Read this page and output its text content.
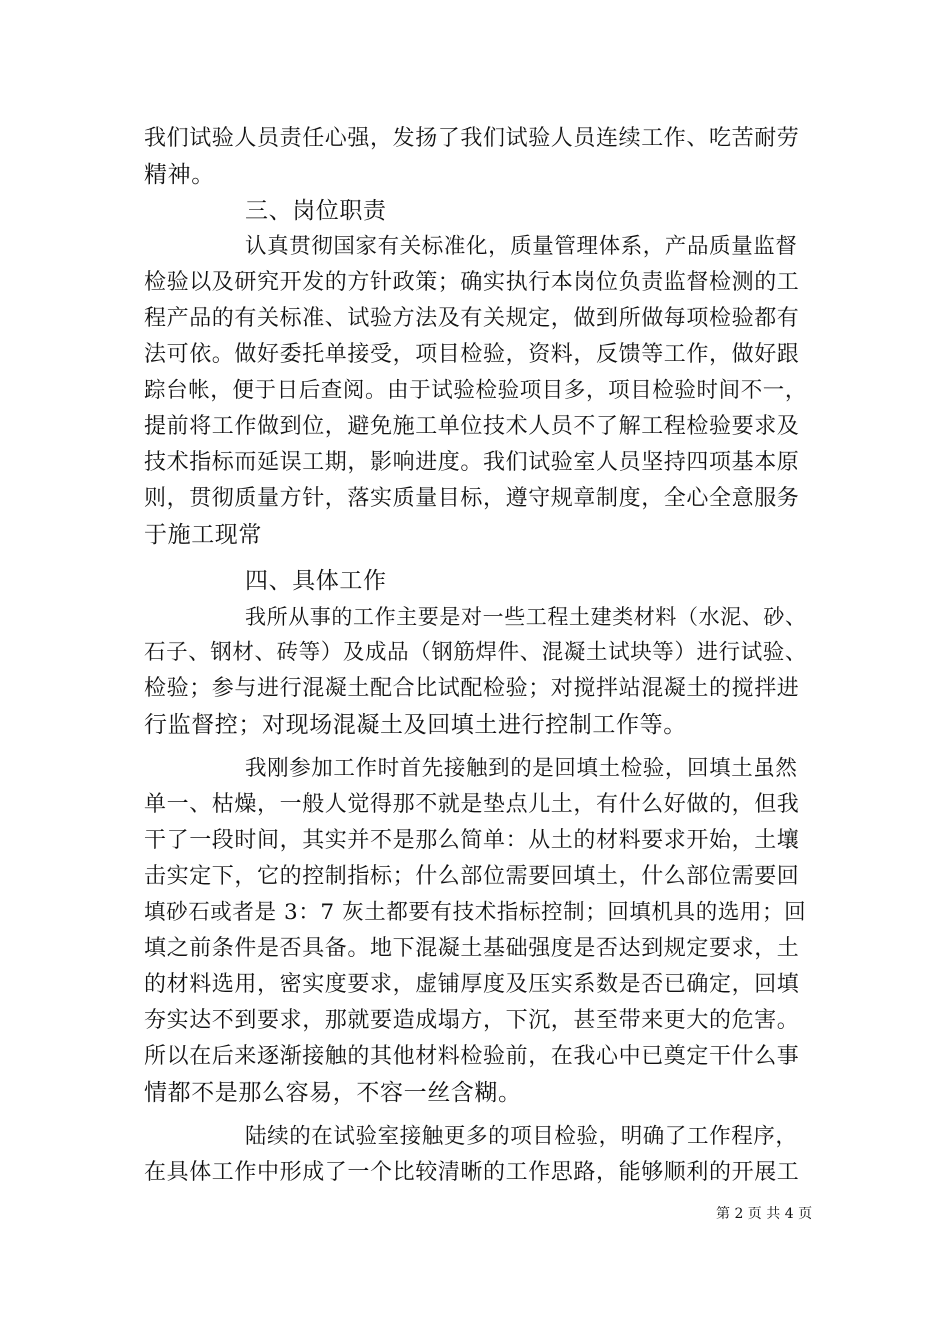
我们试验人员责任心强，发扬了我们试验人员连续工作、吃苦耐劳
精神。
三、岗位职责
认真贯彻国家有关标准化，质量管理体系，产品质量监督
检验以及研究开发的方针政策；确实执行本岗位负责监督检测的工
程产品的有关标准、试验方法及有关规定，做到所做每项检验都有
法可依。做好委托单接受，项目检验，资料，反馈等工作，做好跟
踪台帐，便于日后查阅。由于试验检验项目多，项目检验时间不一，
提前将工作做到位，避免施工单位技术人员不了解工程检验要求及
技术指标而延误工期，影响进度。我们试验室人员坚持四项基本原
则，贯彻质量方针，落实质量目标，遵守规章制度，全心全意服务
于施工现常
四、具体工作
我所从事的工作主要是对一些工程土建类材料（水泥、砂、
石子、钢材、砖等）及成品（钢筋焊件、混凝土试块等）进行试验、
检验；参与进行混凝土配合比试配检验；对搅拌站混凝土的搅拌进
行监督控；对现场混凝土及回填土进行控制工作等。
我刚参加工作时首先接触到的是回填土检验，回填土虽然
单一、枯燥，一般人觉得那不就是垫点儿土，有什么好做的，但我
干了一段时间，其实并不是那么简单：从土的材料要求开始，土壤
击实定下，它的控制指标；什么部位需要回填土，什么部位需要回
填砂石或者是 3：7 灰土都要有技术指标控制；回填机具的选用；回
填之前条件是否具备。地下混凝土基础强度是否达到规定要求，土
的材料选用，密实度要求，虚铺厚度及压实系数是否已确定，回填
夯实达不到要求，那就要造成塌方，下沉，甚至带来更大的危害。
所以在后来逐渐接触的其他材料检验前，在我心中已奠定干什么事
情都不是那么容易，不容一丝含糊。
陆续的在试验室接触更多的项目检验，明确了工作程序，
在具体工作中形成了一个比较清晰的工作思路，能够顺利的开展工
第 2 页 共 4 页
